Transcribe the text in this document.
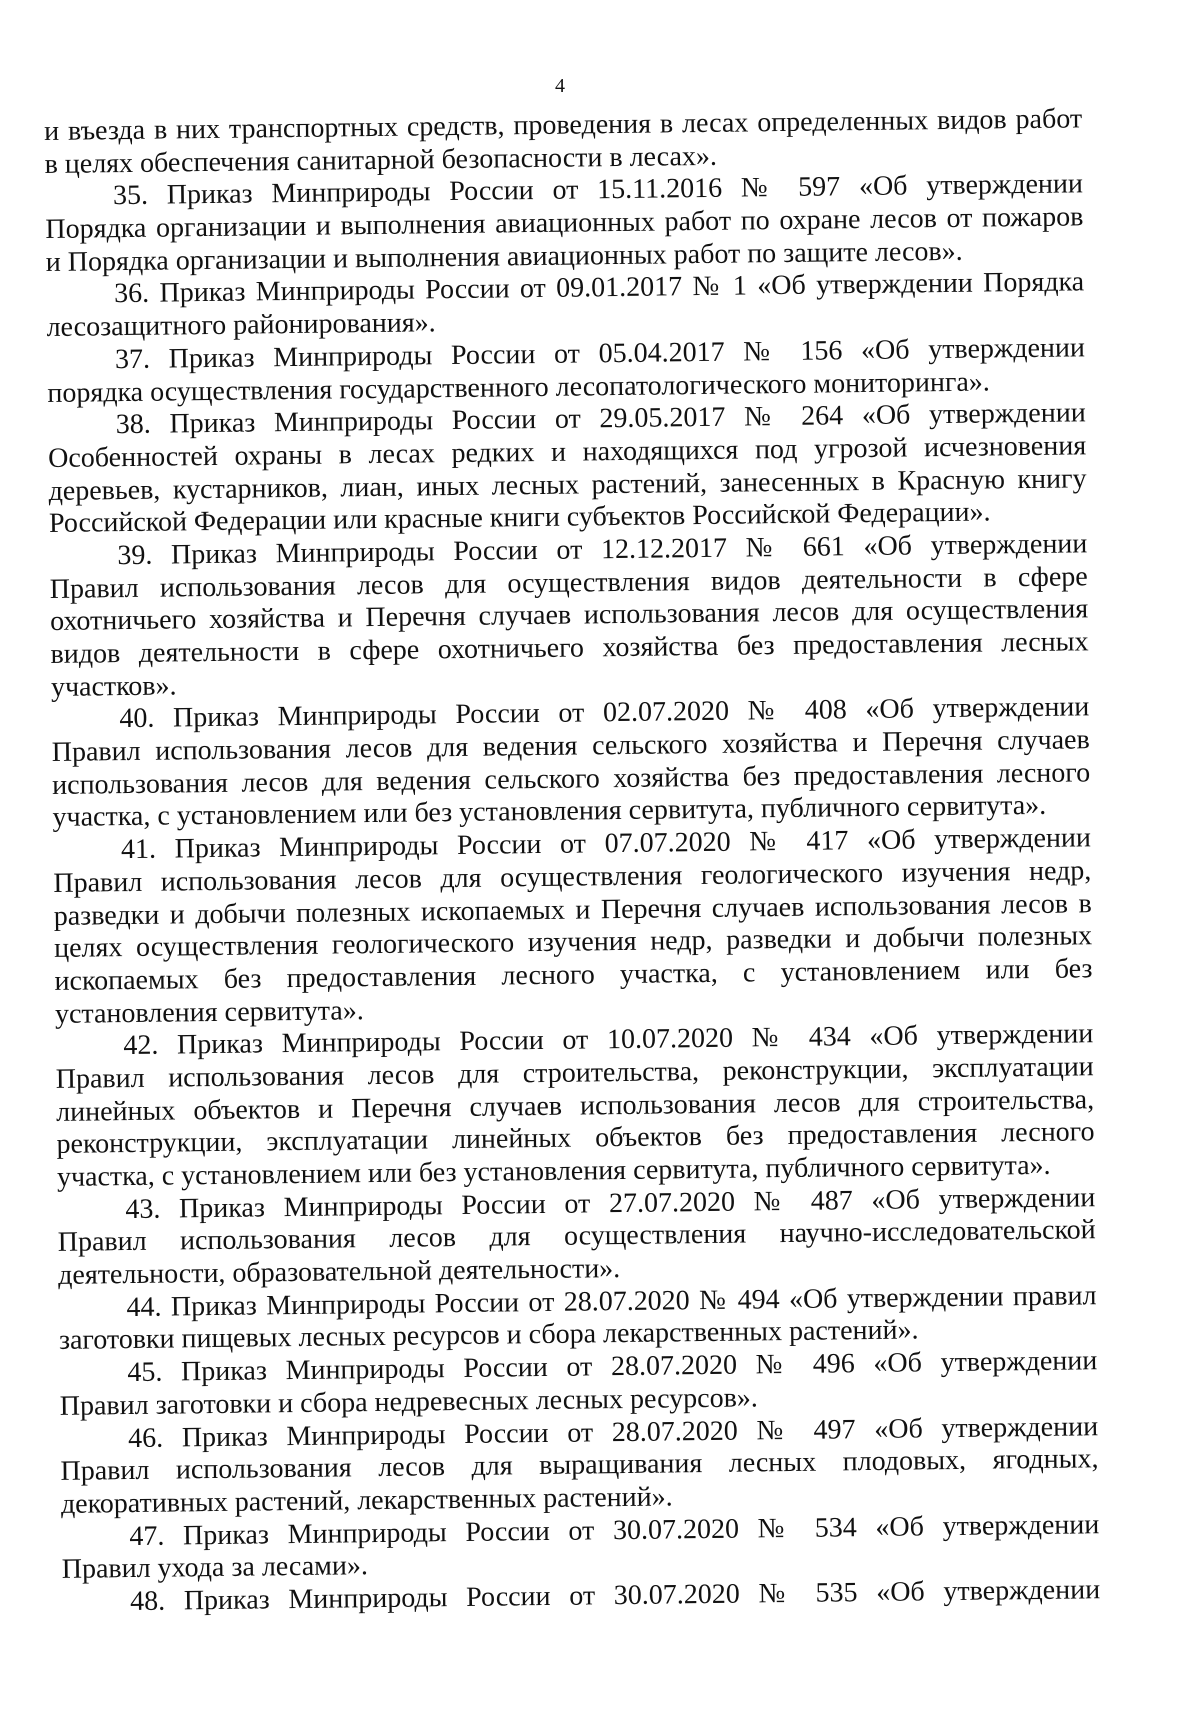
4
и въезда в них транспортных средств, проведения в лесах определенных видов работ
в целях обеспечения санитарной безопасности в лесах».
35. Приказ Минприроды России от 15.11.2016 № 597 «Об утверждении
Порядка организации и выполнения авиационных работ по охране лесов от пожаров
и Порядка организации и выполнения авиационных работ по защите лесов».
36. Приказ Минприроды России от 09.01.2017 № 1 «Об утверждении Порядка
лесозащитного районирования».
37. Приказ Минприроды России от 05.04.2017 № 156 «Об утверждении
порядка осуществления государственного лесопатологического мониторинга».
38. Приказ Минприроды России от 29.05.2017 № 264 «Об утверждении
Особенностей охраны в лесах редких и находящихся под угрозой исчезновения
деревьев, кустарников, лиан, иных лесных растений, занесенных в Красную книгу
Российской Федерации или красные книги субъектов Российской Федерации».
39. Приказ Минприроды России от 12.12.2017 № 661 «Об утверждении
Правил использования лесов для осуществления видов деятельности в сфере
охотничьего хозяйства и Перечня случаев использования лесов для осуществления
видов деятельности в сфере охотничьего хозяйства без предоставления лесных
участков».
40. Приказ Минприроды России от 02.07.2020 № 408 «Об утверждении
Правил использования лесов для ведения сельского хозяйства и Перечня случаев
использования лесов для ведения сельского хозяйства без предоставления лесного
участка, с установлением или без установления сервитута, публичного сервитута».
41. Приказ Минприроды России от 07.07.2020 № 417 «Об утверждении
Правил использования лесов для осуществления геологического изучения недр,
разведки и добычи полезных ископаемых и Перечня случаев использования лесов в
целях осуществления геологического изучения недр, разведки и добычи полезных
ископаемых без предоставления лесного участка, с установлением или без
установления сервитута».
42. Приказ Минприроды России от 10.07.2020 № 434 «Об утверждении
Правил использования лесов для строительства, реконструкции, эксплуатации
линейных объектов и Перечня случаев использования лесов для строительства,
реконструкции, эксплуатации линейных объектов без предоставления лесного
участка, с установлением или без установления сервитута, публичного сервитута».
43. Приказ Минприроды России от 27.07.2020 № 487 «Об утверждении
Правил использования лесов для осуществления научно-исследовательской
деятельности, образовательной деятельности».
44. Приказ Минприроды России от 28.07.2020 № 494 «Об утверждении правил
заготовки пищевых лесных ресурсов и сбора лекарственных растений».
45. Приказ Минприроды России от 28.07.2020 № 496 «Об утверждении
Правил заготовки и сбора недревесных лесных ресурсов».
46. Приказ Минприроды России от 28.07.2020 № 497 «Об утверждении
Правил использования лесов для выращивания лесных плодовых, ягодных,
декоративных растений, лекарственных растений».
47. Приказ Минприроды России от 30.07.2020 № 534 «Об утверждении
Правил ухода за лесами».
48. Приказ Минприроды России от 30.07.2020 № 535 «Об утверждении
